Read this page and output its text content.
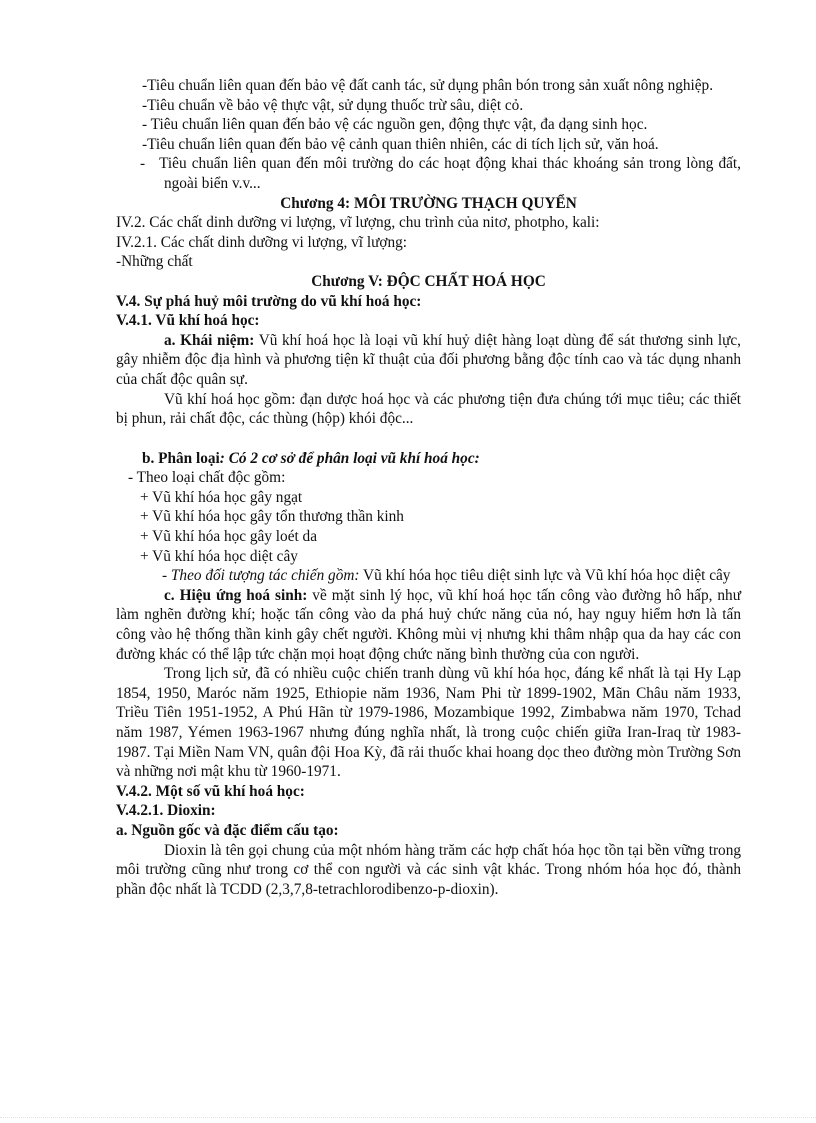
-Tiêu chuẩn liên quan đến bảo vệ đất canh tác, sử dụng phân bón trong sản xuất nông nghiệp.

-Tiêu chuẩn về bảo vệ thực vật, sử dụng thuốc trừ sâu, diệt cỏ.

- Tiêu chuẩn liên quan đến bảo vệ các nguồn gen, động thực vật, đa dạng sinh học.

-Tiêu chuẩn liên quan đến bảo vệ cảnh quan thiên nhiên, các di tích lịch sử, văn hoá.

- Tiêu chuẩn liên quan đến môi trường do các hoạt động khai thác khoáng sản trong lòng đất, ngoài biển v.v...

Chương 4: MÔI TRƯỜNG THẠCH QUYỂN

IV.2. Các chất dinh dưỡng vi lượng, vĩ lượng, chu trình của nitơ, photpho, kali:

IV.2.1. Các chất dinh dưỡng vi lượng, vĩ lượng:

-Những chất

Chương V: ĐỘC CHẤT HOÁ HỌC

V.4. Sự phá huỷ môi trường do vũ khí hoá học:

V.4.1. Vũ khí hoá học:

a. Khái niệm: Vũ khí hoá học là loại vũ khí huỷ diệt hàng loạt dùng để sát thương sinh lực, gây nhiễm độc địa hình và phương tiện kĩ thuật của đối phương bằng độc tính cao và tác dụng nhanh của chất độc quân sự.

Vũ khí hoá học gồm: đạn dược hoá học và các phương tiện đưa chúng tới mục tiêu; các thiết bị phun, rải chất độc, các thùng (hộp) khói độc...

b. Phân loại: Có 2 cơ sở để phân loại vũ khí hoá học:

- Theo loại chất độc gồm:

+ Vũ khí hóa học gây ngạt

+ Vũ khí hóa học gây tổn thương thần kinh

+ Vũ khí hóa học gây loét da

+ Vũ khí hóa học diệt cây

- Theo đối tượng tác chiến gồm: Vũ khí hóa học tiêu diệt sinh lực và Vũ khí hóa học diệt cây

c. Hiệu ứng hoá sinh: về mặt sinh lý học, vũ khí hoá học tấn công vào đường hô hấp, như làm nghẽn đường khí; hoặc tấn công vào da phá huỷ chức năng của nó, hay nguy hiểm hơn là tấn công vào hệ thống thần kinh gây chết người. Không mùi vị nhưng khi thâm nhập qua da hay các con đường khác có thể lập tức chặn mọi hoạt động chức năng bình thường của con người.

Trong lịch sử, đã có nhiều cuộc chiến tranh dùng vũ khí hóa học, đáng kể nhất là tại Hy Lạp 1854, 1950, Maróc năm 1925, Ethiopie năm 1936, Nam Phi từ 1899-1902, Mãn Châu năm 1933, Triều Tiên 1951-1952, A Phú Hãn từ 1979-1986, Mozambique 1992, Zimbabwa năm 1970, Tchad năm 1987, Yémen 1963-1967 nhưng đúng nghĩa nhất, là trong cuộc chiến giữa Iran-Iraq từ 1983-1987. Tại Miền Nam VN, quân đội Hoa Kỳ, đã rải thuốc khai hoang dọc theo đường mòn Trường Sơn và những nơi mật khu từ 1960-1971.

V.4.2. Một số vũ khí hoá học:

V.4.2.1. Dioxin:

a. Nguồn gốc và đặc điểm cấu tạo:

Dioxin là tên gọi chung của một nhóm hàng trăm các hợp chất hóa học tồn tại bền vững trong môi trường cũng như trong cơ thể con người và các sinh vật khác. Trong nhóm hóa học đó, thành phần độc nhất là TCDD (2,3,7,8-tetrachlorodibenzo-p-dioxin).
